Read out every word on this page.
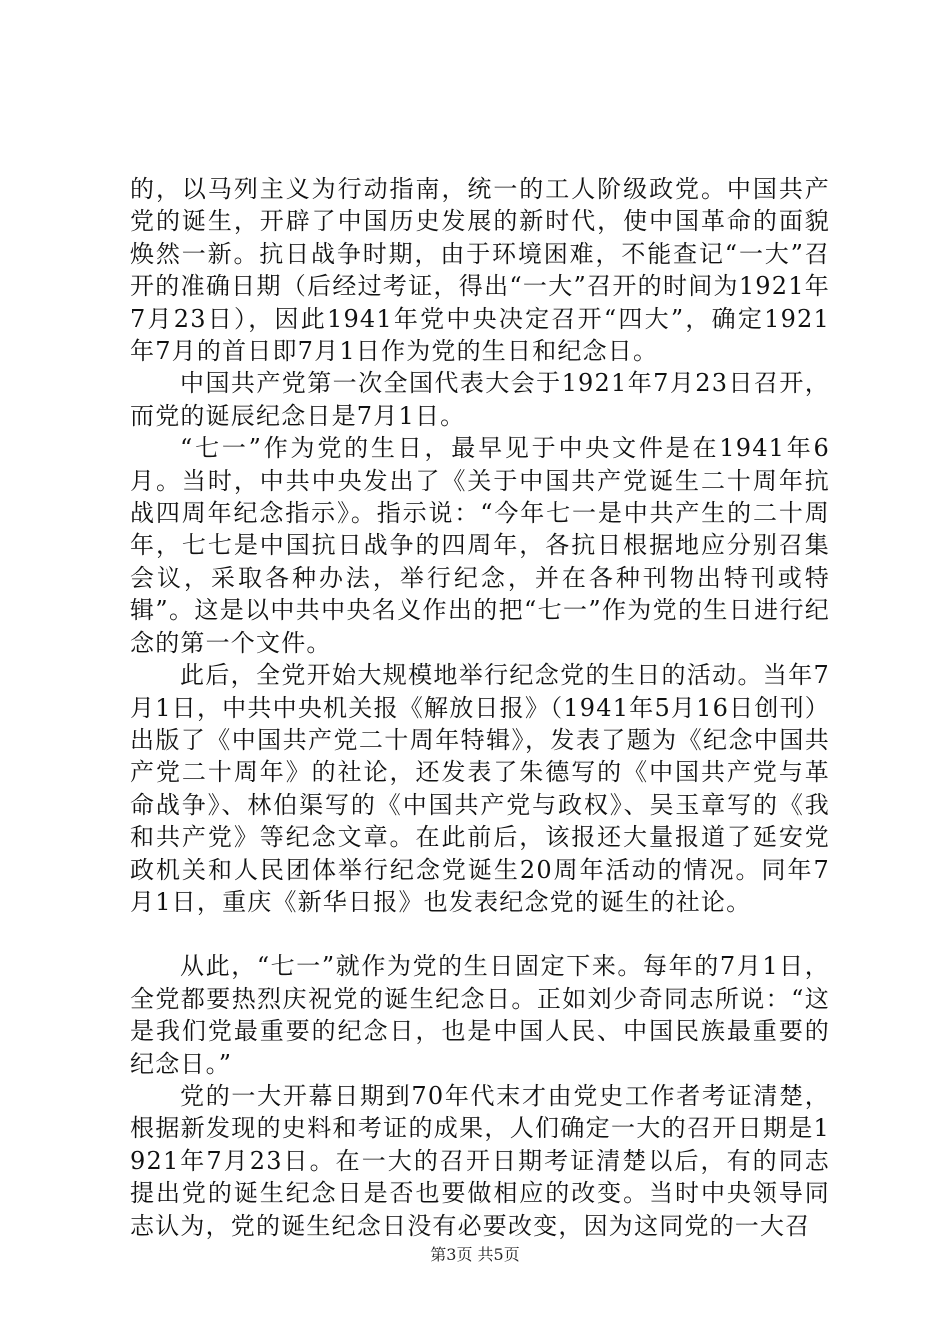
的，以马列主义为行动指南，统一的工人阶级政党。中国共产党的诞生，开辟了中国历史发展的新时代，使中国革命的面貌焕然一新。抗日战争时期，由于环境困难，不能查记“一大”召开的准确日期（后经过考证，得出“一大”召开的时间为1921年7月23日），因此1941年党中央决定召开“四大”，确定1921年7月的首日即7月1日作为党的生日和纪念日。

中国共产党第一次全国代表大会于1921年7月23日召开，而党的诞辰纪念日是7月1日。

“七一”作为党的生日，最早见于中央文件是在1941年6月。当时，中共中央发出了《关于中国共产党诞生二十周年抗战四周年纪念指示》。指示说：“今年七一是中共产生的二十周年，七七是中国抗日战争的四周年，各抗日根据地应分别召集会议，采取各种办法，举行纪念，并在各种刊物出特刊或特辑”。这是以中共中央名义作出的把“七一”作为党的生日进行纪念的第一个文件。

此后，全党开始大规模地举行纪念党的生日的活动。当年7月1日，中共中央机关报《解放日报》（1941年5月16日创刊）出版了《中国共产党二十周年特辑》，发表了题为《纪念中国共产党二十周年》的社论，还发表了朱德写的《中国共产党与革命战争》、林伯渠写的《中国共产党与政权》、吴玉章写的《我和共产党》等纪念文章。在此前后，该报还大量报道了延安党政机关和人民团体举行纪念党诞生20周年活动的情况。同年7月1日，重庆《新华日报》也发表纪念党的诞生的社论。

从此，“七一”就作为党的生日固定下来。每年的7月1日，全党都要热烈庆祝党的诞生纪念日。正如刘少奇同志所说：“这是我们党最重要的纪念日，也是中国人民、中国民族最重要的纪念日。”

党的一大开幕日期到70年代末才由党史工作者考证清楚，根据新发现的史料和考证的成果，人们确定一大的召开日期是1921年7月23日。在一大的召开日期考证清楚以后，有的同志提出党的诞生纪念日是否也要做相应的改变。当时中央领导同志认为，党的诞生纪念日没有必要改变，因为这同党的一大召

第3页 共5页
